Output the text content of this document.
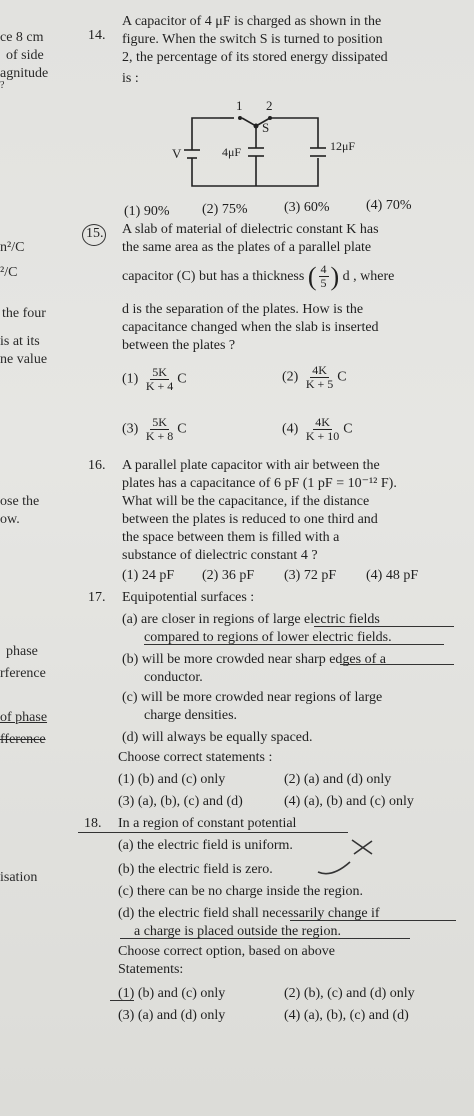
ce 8 cm
of side
agnitude
?
n²/C
²/C
the four
is at its
ne value
ose the
ow.
phase
rference
of phase
fference
isation
14.
A capacitor of 4 μF is charged as shown in the
figure. When the switch S is turned to position
2, the percentage of its stored energy dissipated
is :
1 2
S
V	4μF	12μF
(1) 90% (2) 75%	(3) 60%	(4) 70%
15. A slab of material of dielectric constant K has
the same area as the plates of a parallel plate
capacitor (C) but has a thickness ( $\frac{4}{5}$ ) d , where
d is the separation of the plates. How is the
capacitance changed when the slab is inserted
between the plates ?
$(1) \frac{5K}{K + 4}$ C	$(2) \frac{4K}{K + 5}$ C
$(3) \frac{5K}{K + 8}$ C	$(4) \frac{4K}{K + 10}$ C
16. A parallel plate capacitor with air between the
plates has a capacitance of 6 pF (1 pF = 10⁻¹² F).
What will be the capacitance, if the distance
between the plates is reduced to one third and
the space between them is filled with a
substance of dielectric constant 4 ?
(1) 24 pF (2) 36 pF (3) 72 pF (4) 48 pF
17. Equipotential surfaces :
(a) are closer in regions of large electric fields
compared to regions of lower electric fields.
(b) will be more crowded near sharp edges of a
conductor.
(c) will be more crowded near regions of large
charge densities.
(d) will always be equally spaced.
Choose correct statements :
(1) (b) and (c) only	(2) (a) and (d) only
(3) (a), (b), (c) and (d)	(4) (a), (b) and (c) only
18. In a region of constant potential
(a) the electric field is uniform.
(b) the electric field is zero.
(c) there can be no charge inside the region.
(d) the electric field shall necessarily change if
a charge is placed outside the region.
Choose correct option, based on above
Statements:
(1) (b) and (c) only	(2) (b), (c) and (d) only
(3) (a) and (d) only	(4) (a), (b), (c) and (d)
